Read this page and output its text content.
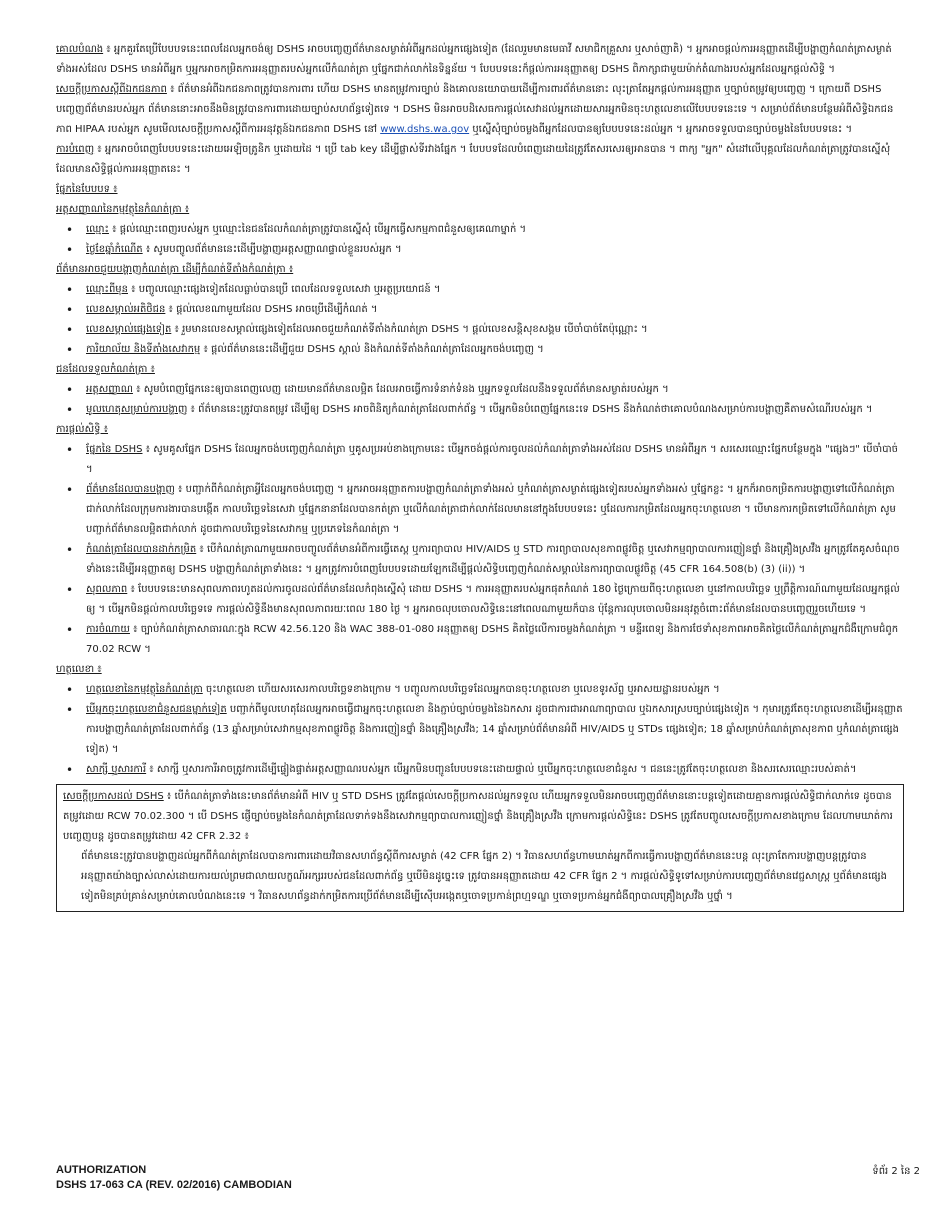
គោលបំណង ៖ អ្នកគួរតែប្រើបែបបទនេះពេលដែលអ្នកចង់ឲ្យ DSHS អាចបញ្ចេញព័ត៌មានសម្ងាត់អំពីអ្នកដល់អ្នកផ្សេងទៀត (ដែលរួមមានមេធាវី សមាជិកគ្រួសារ ឬសាច់ញាតិ) ។ អ្នកអាចផ្តល់ការអនុញ្ញាតដើម្បីបង្ហាញកំណត់ត្រាសម្ងាត់ទាំងអស់ដែល DSHS មានអំពីអ្នក ឬអ្នកអាចកម្រិតការអនុញ្ញាតរបស់អ្នកលើកំណត់ត្រា ឬផ្នែកជាក់លាក់នៃទិន្នន័យ ។ បែបបទនេះក៏ផ្តល់ការអនុញ្ញាតឲ្យ DSHS ពិភាក្សាជាមួយម៉ាក់តំណាងរបស់អ្នកដែលអ្នកផ្តល់សិទ្ធិ ។

សេចក្តីប្រកាសស្តីពីឯកជនភាព ៖ ព័ត៌មានអំពីឯកជនភាពត្រូវបានការពារ ហើយ DSHS មានតម្រូវការច្បាប់ និងគោលនយោបាយដើម្បីការពារព័ត៌មាននោះ លុះត្រាតែអ្នកផ្តល់ការអនុញ្ញាត ឬច្បាប់តម្រូវឲ្យបញ្ចេញ ។ ក្រោយពី DSHS បញ្ចេញព័ត៌មានរបស់អ្នក ព័ត៌មាននោះអាចនឹងមិនត្រូវបានការពារដោយច្បាប់សហព័ន្ធទៀតទេ ។ DSHS មិនអាចបដិសេធការផ្តល់សេវាដល់អ្នកដោយសារអ្នកមិនចុះហត្ថលេខាលើបែបបទនេះទេ ។ សម្រាប់ព័ត៌មានបន្ថែមអំពីសិទ្ធិឯកជនភាព HIPAA របស់អ្នក សូមមើលសេចក្តីប្រកាសស្តីពីការអនុវត្តន៍ឯកជនភាព DSHS នៅ www.dshs.wa.gov ឬស្នើសុំច្បាប់ចម្លងពីអ្នកដែលបានឲ្យបែបបទនេះដល់អ្នក ។ អ្នកអាចទទួលបានច្បាប់ចម្លងនៃបែបបទនេះ ។

ការបំពេញ ៖ អ្នកអាចបំពេញបែបបទនេះដោយអេឡិចត្រូនិក ឬដោយដៃ ។ ប្រើ tab key ដើម្បីផ្លាស់ទីរវាងផ្នែក ។ បែបបទដែលបំពេញដោយដៃត្រូវតែសរសេរឲ្យអានបាន ។ ពាក្យ "អ្នក" សំដៅលើបុគ្គលដែលកំណត់ត្រាត្រូវបានស្នើសុំ ដែលមានសិទ្ធិផ្តល់ការអនុញ្ញាតនេះ ។

ផ្នែកនៃបែបបទ ៖

អត្តសញ្ញាណនៃកម្មវត្ថុនៃកំណត់ត្រា ៖

• ឈ្មោះ ៖ ផ្តល់ឈ្មោះពេញរបស់អ្នក ឬឈ្មោះនៃជនដែលកំណត់ត្រាត្រូវបានស្នើសុំ បើអ្នកធ្វើសកម្មភាពជំនួសឲ្យគេណាម្នាក់ ។
• ថ្ងៃខែឆ្នាំកំណើត ៖ សូមបញ្ចូលព័ត៌មាននេះដើម្បីបង្ហាញអត្តសញ្ញាណផ្ទាល់ខ្លួនរបស់អ្នក ។

ព័ត៌មានអាចជួយបង្ហាញកំណត់ត្រា ដើម្បីកំណត់ទីតាំងកំណត់ត្រា ៖

• ឈ្មោះពីមុន ៖ បញ្ចូលឈ្មោះផ្សេងទៀតដែលធ្លាប់បានប្រើ ពេលដែលទទួលសេវា ឬអត្ថប្រយោជន៍ ។
• លេខសម្គាល់អតិថិជន ៖ ផ្តល់លេខណាមួយដែល DSHS អាចប្រើដើម្បីកំណត់ ។
• លេខសម្គាល់ផ្សេងទៀត ៖ រួមមានលេខសម្គាល់ផ្សេងទៀតដែលអាចជួយកំណត់ទីតាំងកំណត់ត្រា DSHS ។ ផ្តល់លេខសន្តិសុខសង្គម បើចាំបាច់តែប៉ុណ្ណោះ ។
• ការិយាល័យ និងទីតាំងសេវាកម្ម ៖ ផ្តល់ព័ត៌មាននេះដើម្បីជួយ DSHS ស្គាល់ និងកំណត់ទីតាំងកំណត់ត្រាដែលអ្នកចង់បញ្ចេញ ។

ជនដែលទទួលកំណត់ត្រា ៖

• អត្តសញ្ញាណ ៖ សូមបំពេញផ្នែកនេះឲ្យបានពេញលេញ ដោយមានព័ត៌មានលម្អិត ដែលអាចធ្វើការទំនាក់ទំនង ឬអ្នកទទួលដែលនឹងទទួលព័ត៌មានសម្ងាត់របស់អ្នក ។
• មូលហេតុសម្រាប់ការបង្ហាញ ៖ ព័ត៌មាននេះត្រូវបានតម្រូវ ដើម្បីឲ្យ DSHS អាចពិនិត្យកំណត់ត្រាដែលពាក់ព័ន្ធ ។ បើអ្នកមិនបំពេញផ្នែកនេះទេ DSHS នឹងកំណត់ថាគោលបំណងសម្រាប់ការបង្ហាញគឺតាមសំណើរបស់អ្នក ។

ការផ្តល់សិទ្ធិ ៖

• ផ្នែកនៃ DSHS ៖ សូមគូសផ្នែក DSHS ដែលអ្នកចង់បញ្ចេញកំណត់ត្រា ឬគូសប្រអប់ខាងក្រោមនេះ បើអ្នកចង់ផ្តល់ការចូលដល់កំណត់ត្រាទាំងអស់ដែល DSHS មានអំពីអ្នក ។ សរសេរឈ្មោះផ្នែកបន្ថែមក្នុង "ផ្សេងៗ" បើចាំបាច់ ។
• ព័ត៌មានដែលបានបង្ហាញ ៖ បញ្ជាក់ពីកំណត់ត្រាអ្វីដែលអ្នកចង់បញ្ចេញ ។ អ្នកអាចអនុញ្ញាតការបង្ហាញកំណត់ត្រាទាំងអស់ ឬកំណត់ត្រាសម្ងាត់ផ្សេងទៀតរបស់អ្នកទាំងអស់ ឬផ្នែកខ្លះ ។ អ្នកក៏អាចកម្រិតការបង្ហាញទៅលើកំណត់ត្រាជាក់លាក់ដែលក្រុមការងារបានបង្កើត កាលបរិច្ឆេទនៃសេវា ឬផ្នែកនានាដែលបានកត់ត្រា ឬលើកំណត់ត្រាជាក់លាក់ដែលមាននៅក្នុងបែបបទនេះ ឬដែលការកម្រិតដែលអ្នកចុះហត្ថលេខា ។ បើមានការកម្រិតទៅលើកំណត់ត្រា សូមបញ្ជាក់ព័ត៌មានលម្អិតជាក់លាក់ ដូចជាកាលបរិច្ឆេទនៃសេវាកម្ម ឬប្រភេទនៃកំណត់ត្រា ។
• កំណត់ត្រាដែលបានដាក់កម្រិត ៖ បើកំណត់ត្រាណាមួយអាចបញ្ចូលព័ត៌មានអំពីការធ្វើតេស្ត ឬការព្យាបាល HIV/AIDS ឬ STD ការព្យាបាលសុខភាពផ្លូវចិត្ត ឬសេវាកម្មព្យាបាលការញៀនថ្នាំ និងគ្រឿងស្រវឹង អ្នកត្រូវតែគូសចំណុចទាំងនេះដើម្បីអនុញ្ញាតឲ្យ DSHS បង្ហាញកំណត់ត្រាទាំងនេះ ។ អ្នកត្រូវការបំពេញបែបបទដោយឡែកដើម្បីផ្តល់សិទ្ធិបញ្ចេញកំណត់សម្គាល់នៃការព្យាបាលផ្លូវចិត្ត (45 CFR 164.508(b) (3) (ii)) ។
• សុពលភាព ៖ បែបបទនេះមានសុពលភាពរហូតដល់ការចូលដល់ព័ត៌មានដែលកំពុងស្នើសុំ ដោយ DSHS ។ ការអនុញ្ញាតរបស់អ្នកផុតកំណត់ 180 ថ្ងៃក្រោយពីចុះហត្ថលេខា ឬនៅកាលបរិច្ឆេទ ឬព្រឹត្តិការណ៍ណាមួយដែលអ្នកផ្តល់ឲ្យ ។ បើអ្នកមិនផ្តល់កាលបរិច្ឆេទទេ ការផ្តល់សិទ្ធិនឹងមានសុពលភាពរយៈពេល 180 ថ្ងៃ ។ អ្នកអាចលុបចោលសិទ្ធិនេះនៅពេលណាមួយក៏បាន ប៉ុន្តែការលុបចោលមិនអនុវត្តចំពោះព័ត៌មានដែលបានបញ្ចេញរួចហើយទេ ។
• ការចំណាយ ៖ ច្បាប់កំណត់ត្រាសាធារណៈក្នុង RCW 42.56.120 និង WAC 388-01-080 អនុញ្ញាតឲ្យ DSHS គិតថ្លៃលើការចម្លងកំណត់ត្រា ។ មន្ទីរពេទ្យ និងការថែទាំសុខភាពអាចគិតថ្លៃលើកំណត់ត្រាអ្នកជំងឺក្រោមជំពូក 70.02 RCW ។

ហត្ថលេខា ៖

• ហត្ថលេខានៃកម្មវត្ថុនៃកំណត់ត្រា ចុះហត្ថលេខា ហើយសរសេរកាលបរិច្ឆេទខាងក្រោម ។ បញ្ចូលកាលបរិច្ឆេទដែលអ្នកបានចុះហត្ថលេខា ឬលេខទូរស័ព្ទ ឬអាសយដ្ឋានរបស់អ្នក ។
• បើអ្នកចុះហត្ថលេខាជំនួសជនម្នាក់ទៀត បញ្ជាក់ពីមូលហេតុដែលអ្នកអាចធ្វើជាអ្នកចុះហត្ថលេខា និងភ្ជាប់ច្បាប់ចម្លងនៃឯកសារ ដូចជាការជាអាណាព្យាបាល ឬឯកសារស្របច្បាប់ផ្សេងទៀត ។ កុមារត្រូវតែចុះហត្ថលេខាដើម្បីអនុញ្ញាតការបង្ហាញកំណត់ត្រាដែលពាក់ព័ន្ធ (13 ឆ្នាំសម្រាប់សេវាកម្មសុខភាពផ្លូវចិត្ត និងការញៀនថ្នាំ និងគ្រឿងស្រវឹង; 14 ឆ្នាំសម្រាប់ព័ត៌មានអំពី HIV/AIDS ឬ STDs ផ្សេងទៀត; 18 ឆ្នាំសម្រាប់កំណត់ត្រាសុខភាព ឬកំណត់ត្រាផ្សេងទៀត) ។
• សាក្សី ឬសារការី ៖ សាក្សី ឬសារការីអាចត្រូវការដើម្បីផ្ទៀងផ្ទាត់អត្តសញ្ញាណរបស់អ្នក បើអ្នកមិនបញ្ជូនបែបបទនេះដោយផ្ទាល់ ឬបើអ្នកចុះហត្ថលេខាជំនួស ។ ជននេះត្រូវតែចុះហត្ថលេខា និងសរសេរឈ្មោះរបស់គាត់។

សេចក្តីប្រកាសដល់ DSHS ៖ បើកំណត់ត្រាទាំងនេះមានព័ត៌មានអំពី HIV ឬ STD DSHS ត្រូវតែផ្តល់សេចក្តីប្រកាសដល់អ្នកទទួល ហើយអ្នកទទួលមិនអាចបញ្ចេញព័ត៌មាននោះបន្តទៀតដោយគ្មានការផ្តល់សិទ្ធិជាក់លាក់ទេ ដូចបានតម្រូវដោយ RCW 70.02.300 ។ បើ DSHS ផ្ញើច្បាប់ចម្លងនៃកំណត់ត្រាដែលទាក់ទងនឹងសេវាកម្មព្យាបាលការញៀនថ្នាំ និងគ្រឿងស្រវឹង ក្រោមការផ្តល់សិទ្ធិនេះ DSHS ត្រូវតែបញ្ចូលសេចក្តីប្រកាសខាងក្រោម ដែលហាមឃាត់ការបញ្ចេញបន្ត ដូចបានតម្រូវដោយ 42 CFR 2.32 ៖

ព័ត៌មាននេះត្រូវបានបង្ហាញដល់អ្នកពីកំណត់ត្រាដែលបានការពារដោយវិធានសហព័ន្ធស្តីពីការសម្ងាត់ (42 CFR ផ្នែក 2) ។ វិធានសហព័ន្ធហាមឃាត់អ្នកពីការធ្វើការបង្ហាញព័ត៌មាននេះបន្ត លុះត្រាតែការបង្ហាញបន្តត្រូវបានអនុញ្ញាតយ៉ាងច្បាស់លាស់ដោយការយល់ព្រមជាលាយលក្ខណ៍អក្សររបស់ជនដែលពាក់ព័ន្ធ ឬបើមិនដូច្នេះទេ ត្រូវបានអនុញ្ញាតដោយ 42 CFR ផ្នែក 2 ។ ការផ្តល់សិទ្ធិទូទៅសម្រាប់ការបញ្ចេញព័ត៌មានវេជ្ជសាស្ត្រ ឬព័ត៌មានផ្សេងទៀតមិនគ្រប់គ្រាន់សម្រាប់គោលបំណងនេះទេ ។ វិធានសហព័ន្ធដាក់កម្រិតការប្រើព័ត៌មានដើម្បីស៊ើបអង្កេតឬចោទប្រកាន់ព្រហ្មទណ្ឌ ឬចោទប្រកាន់អ្នកជំងឺព្យាបាលគ្រឿងស្រវឹង ឬថ្នាំ ។

AUTHORIZATION
DSHS 17-063 CA (REV. 02/2016) CAMBODIAN
ទំព័រ 2 នៃ 2
